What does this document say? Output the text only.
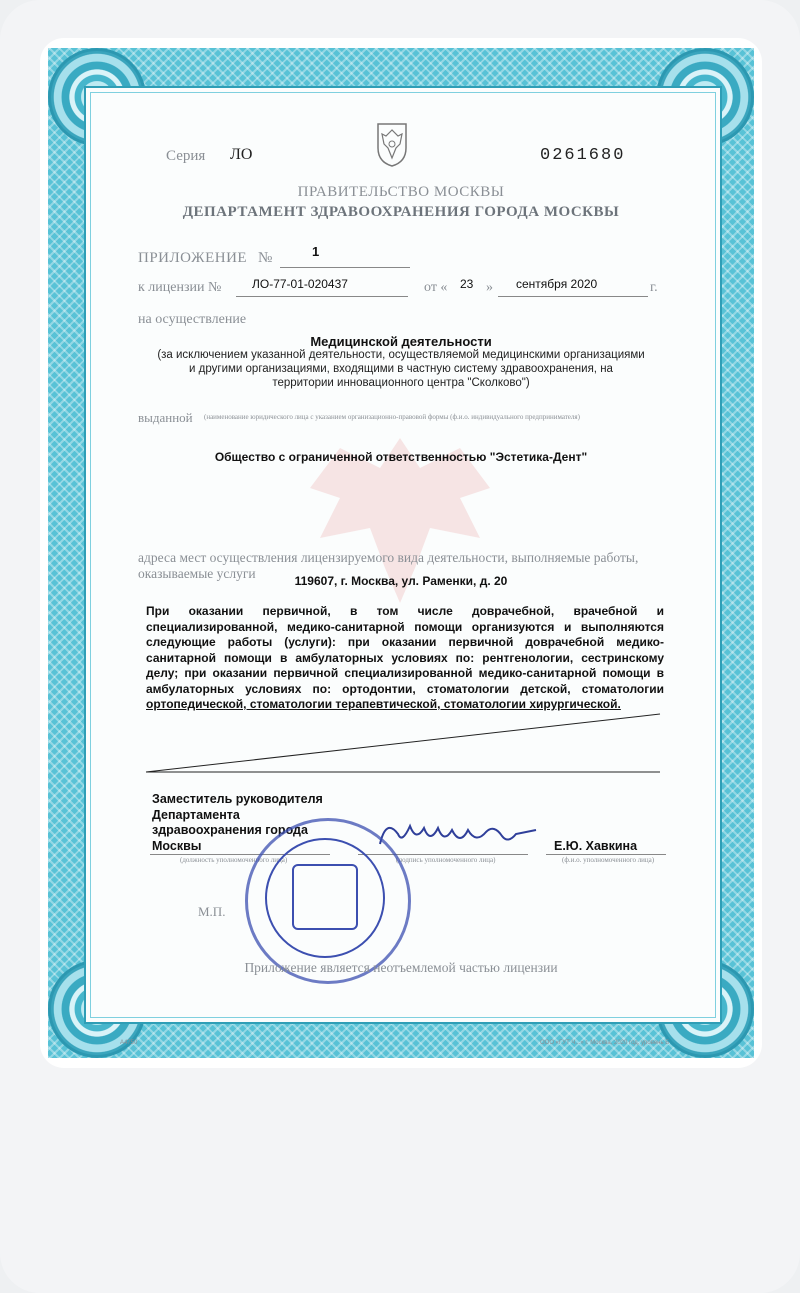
Серия ЛО	0261680
ПРАВИТЕЛЬСТВО МОСКВЫ
ДЕПАРТАМЕНТ ЗДРАВООХРАНЕНИЯ ГОРОДА МОСКВЫ
ПРИЛОЖЕНИЕ №	1
к лицензии №	ЛО-77-01-020437	от « 23 » сентября 2020	г.
на осуществление
Медицинской деятельности
(за исключением указанной деятельности, осуществляемой медицинскими организациями
и другими организациями, входящими в частную систему здравоохранения, на
территории инновационного центра "Сколково")
выданной (наименование юридического лица с указанием организационно-правовой формы (ф.и.о. индивидуального предпринимателя)
Общество с ограниченной ответственностью "Эстетика-Дент"
адреса мест осуществления лицензируемого вида деятельности, выполняемые работы,
оказываемые услуги	119607, г. Москва, ул. Раменки, д. 20
При оказании первичной, в том числе доврачебной, врачебной и
специализированной, медико-санитарной помощи организуются и выполняются
следующие работы (услуги): при оказании первичной доврачебной медико-
санитарной помощи в амбулаторных условиях по: рентгенологии, сестринскому
делу; при оказании первичной специализированной медико-санитарной помощи в
амбулаторных условиях по: ортодонтии, стоматологии детской, стоматологии
ортопедической, стоматологии терапевтической, стоматологии хирургической.
Заместитель руководителя
Департамента
здравоохранения города
Москвы	Е.Ю. Хавкина
(должность уполномоченного лица)	(подпись уполномоченного лица)	(ф.и.о. уполномоченного лица)
М.П.
Приложение является неотъемлемой частью лицензии
А4750	ООО «ГУТ Ч...» г. Москва, 2020 год, уровень Б
